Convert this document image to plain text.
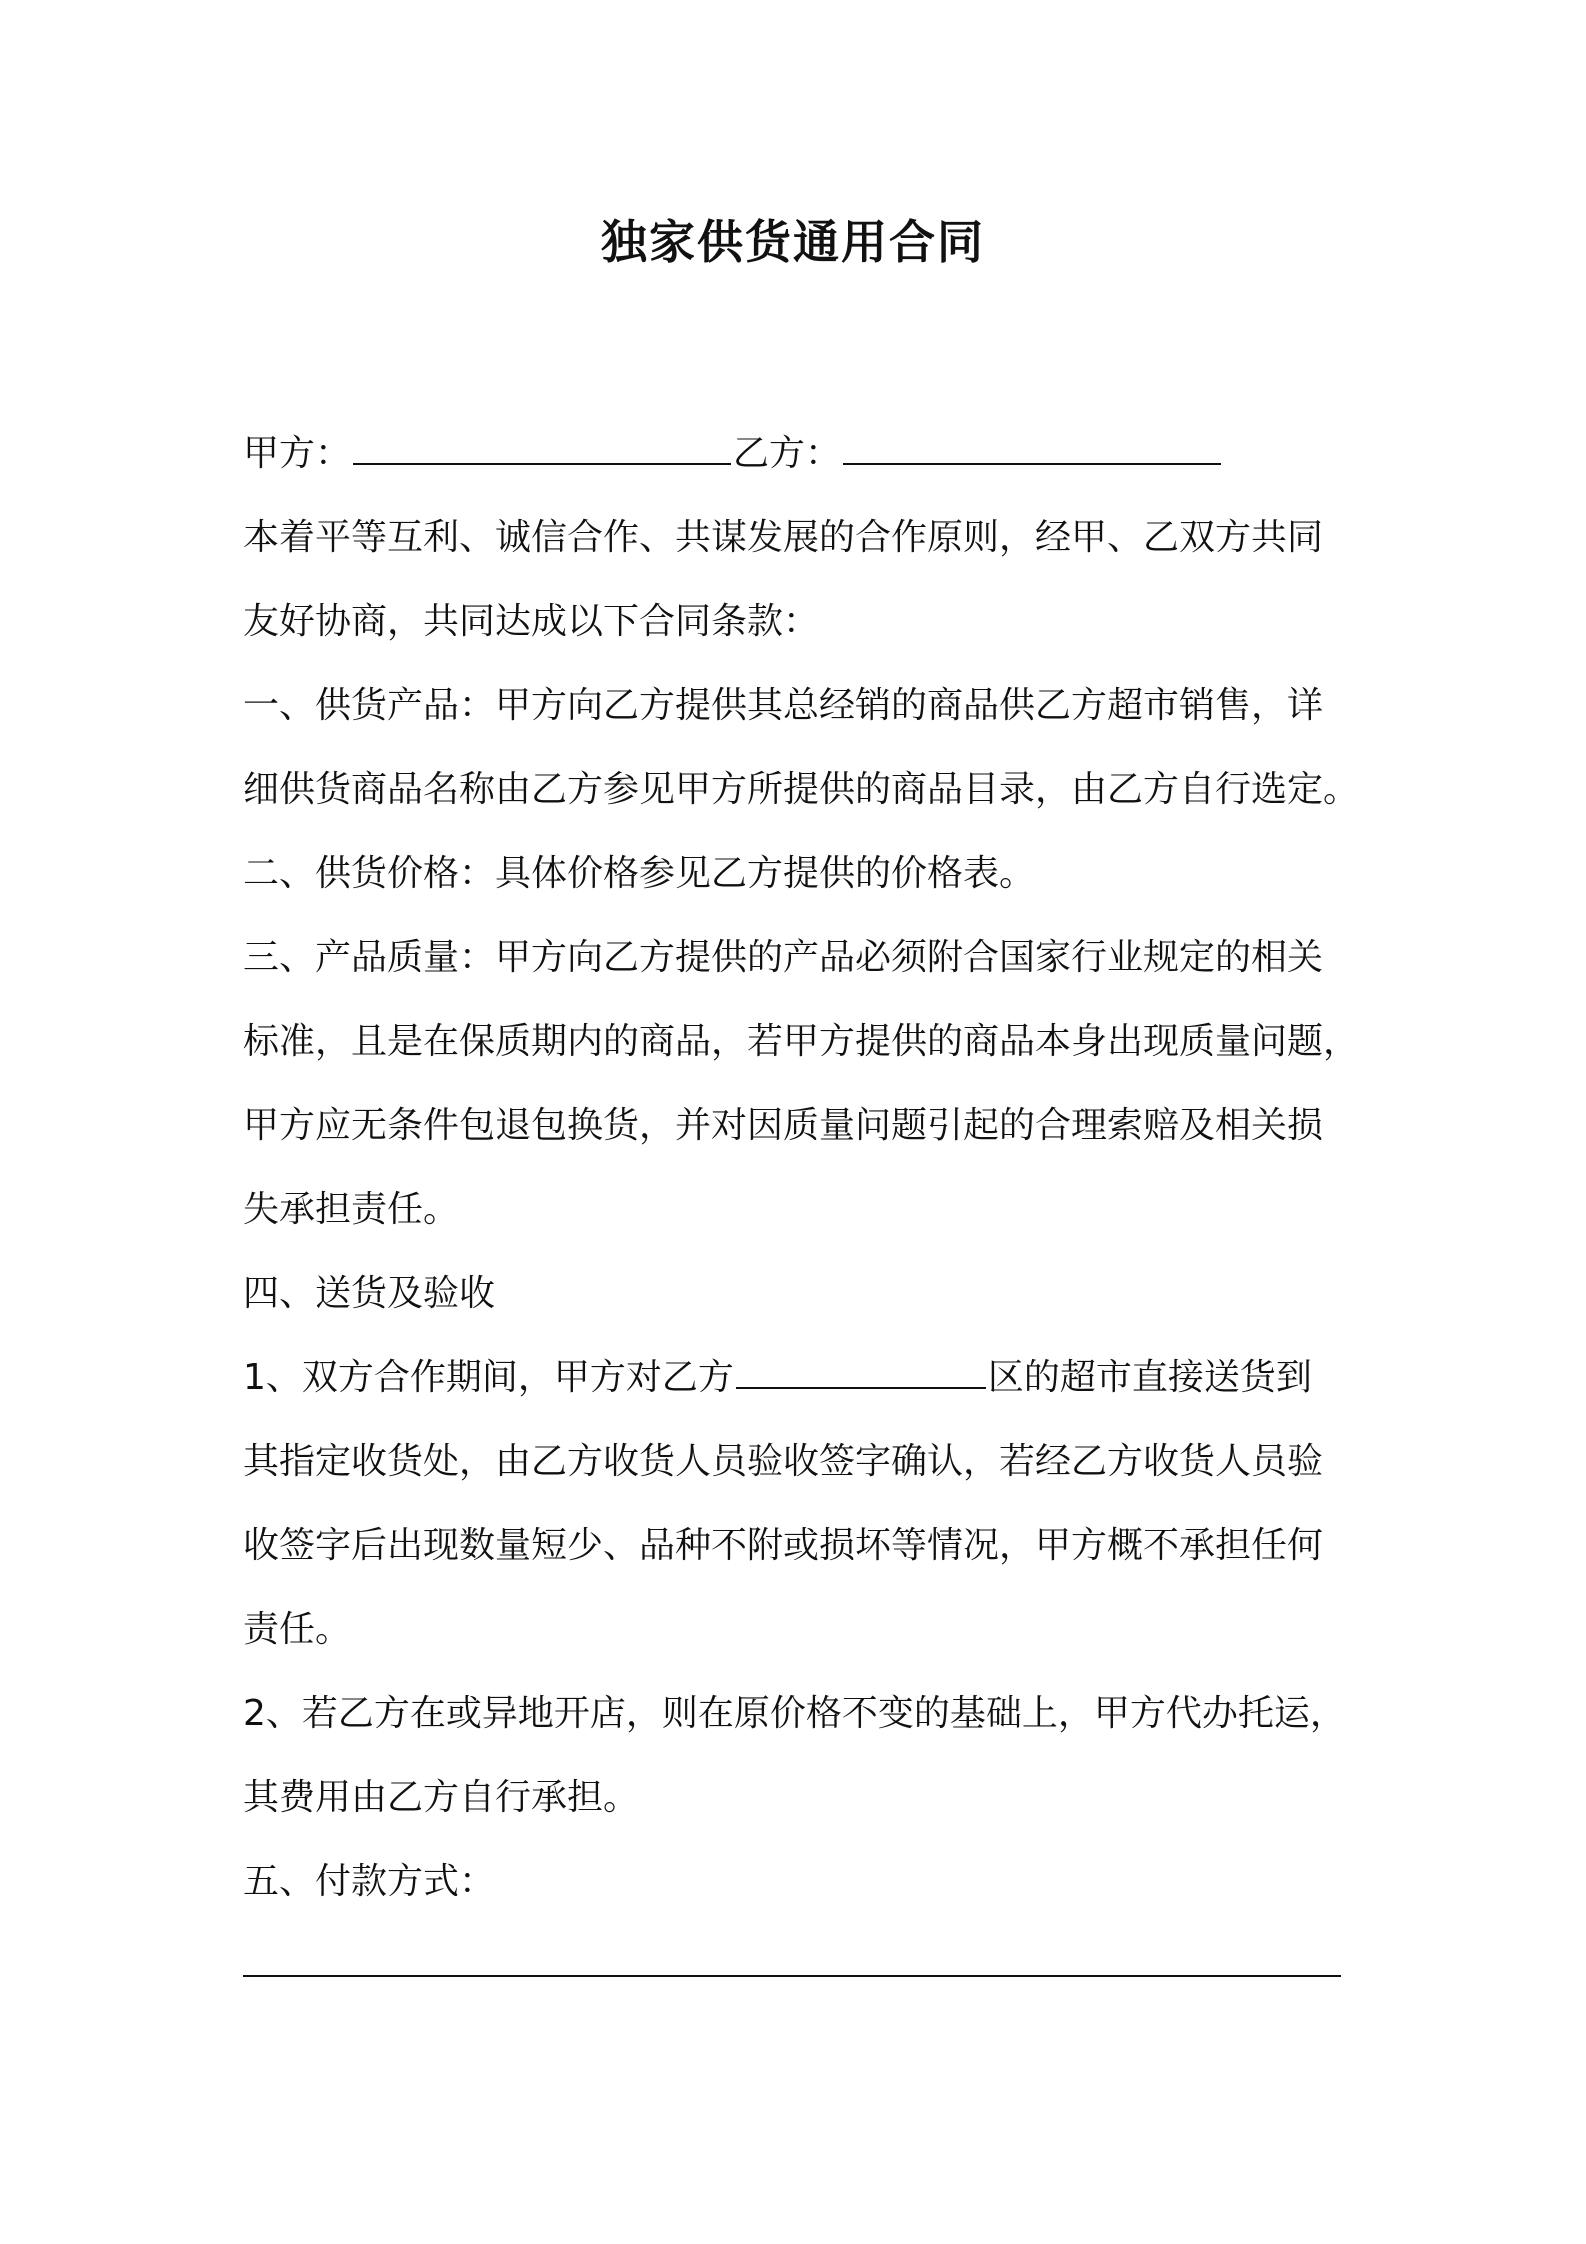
独家供货通用合同
甲方：	乙方：
本着平等互利、诚信合作、共谋发展的合作原则，经甲、乙双方共同
友好协商，共同达成以下合同条款：
一、供货产品：甲方向乙方提供其总经销的商品供乙方超市销售，详
细供货商品名称由乙方参见甲方所提供的商品目录，由乙方自行选定。
二、供货价格：具体价格参见乙方提供的价格表。
三、产品质量：甲方向乙方提供的产品必须附合国家行业规定的相关
标准，且是在保质期内的商品，若甲方提供的商品本身出现质量问题，
甲方应无条件包退包换货，并对因质量问题引起的合理索赔及相关损
失承担责任。
四、送货及验收
1、双方合作期间，甲方对乙方	区的超市直接送货到
其指定收货处，由乙方收货人员验收签字确认，若经乙方收货人员验
收签字后出现数量短少、品种不附或损坏等情况，甲方概不承担任何
责任。
2、若乙方在或异地开店，则在原价格不变的基础上，甲方代办托运，
其费用由乙方自行承担。
五、付款方式：
